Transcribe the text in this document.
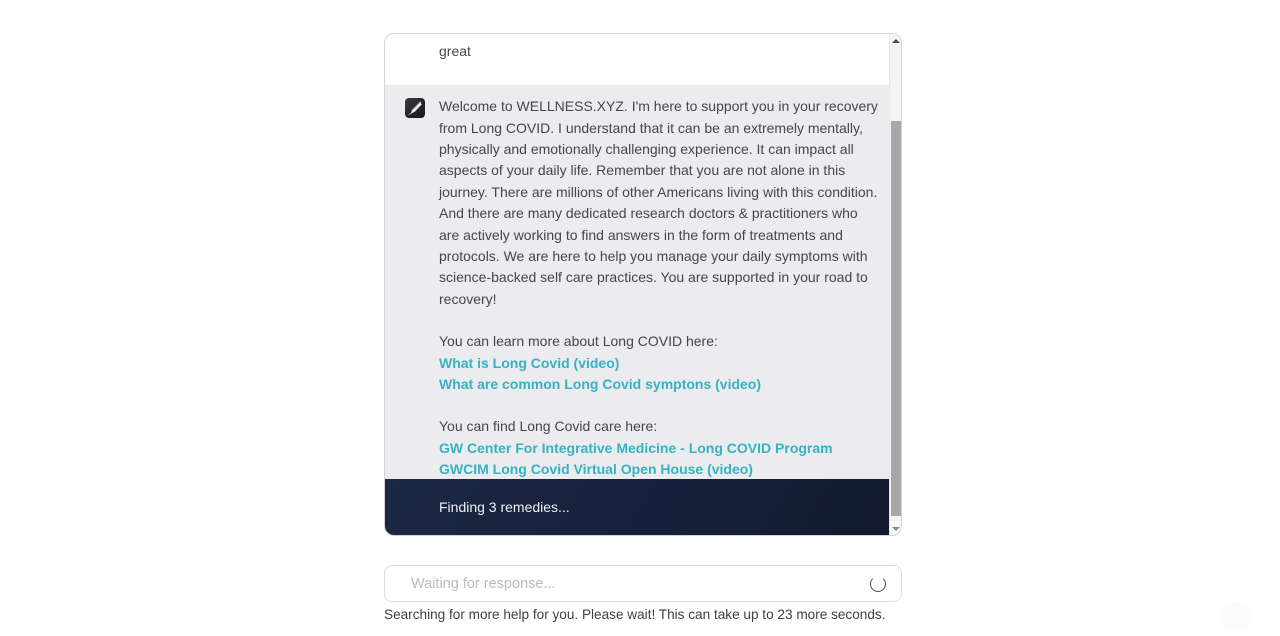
great
Welcome to WELLNESS.XYZ. I'm here to support you in your recovery from Long COVID. I understand that it can be an extremely mentally, physically and emotionally challenging experience. It can impact all aspects of your daily life. Remember that you are not alone in this journey. There are millions of other Americans living with this condition. And there are many dedicated research doctors & practitioners who are actively working to find answers in the form of treatments and protocols. We are here to help you manage your daily symptoms with science-backed self care practices. You are supported in your road to recovery!
You can learn more about Long COVID here:
What is Long Covid (video)
What are common Long Covid symptons (video)
You can find Long Covid care here:
GW Center For Integrative Medicine - Long COVID Program
GWCIM Long Covid Virtual Open House (video)
Finding 3 remedies...
Waiting for response...
Searching for more help for you. Please wait! This can take up to 23 more seconds.
